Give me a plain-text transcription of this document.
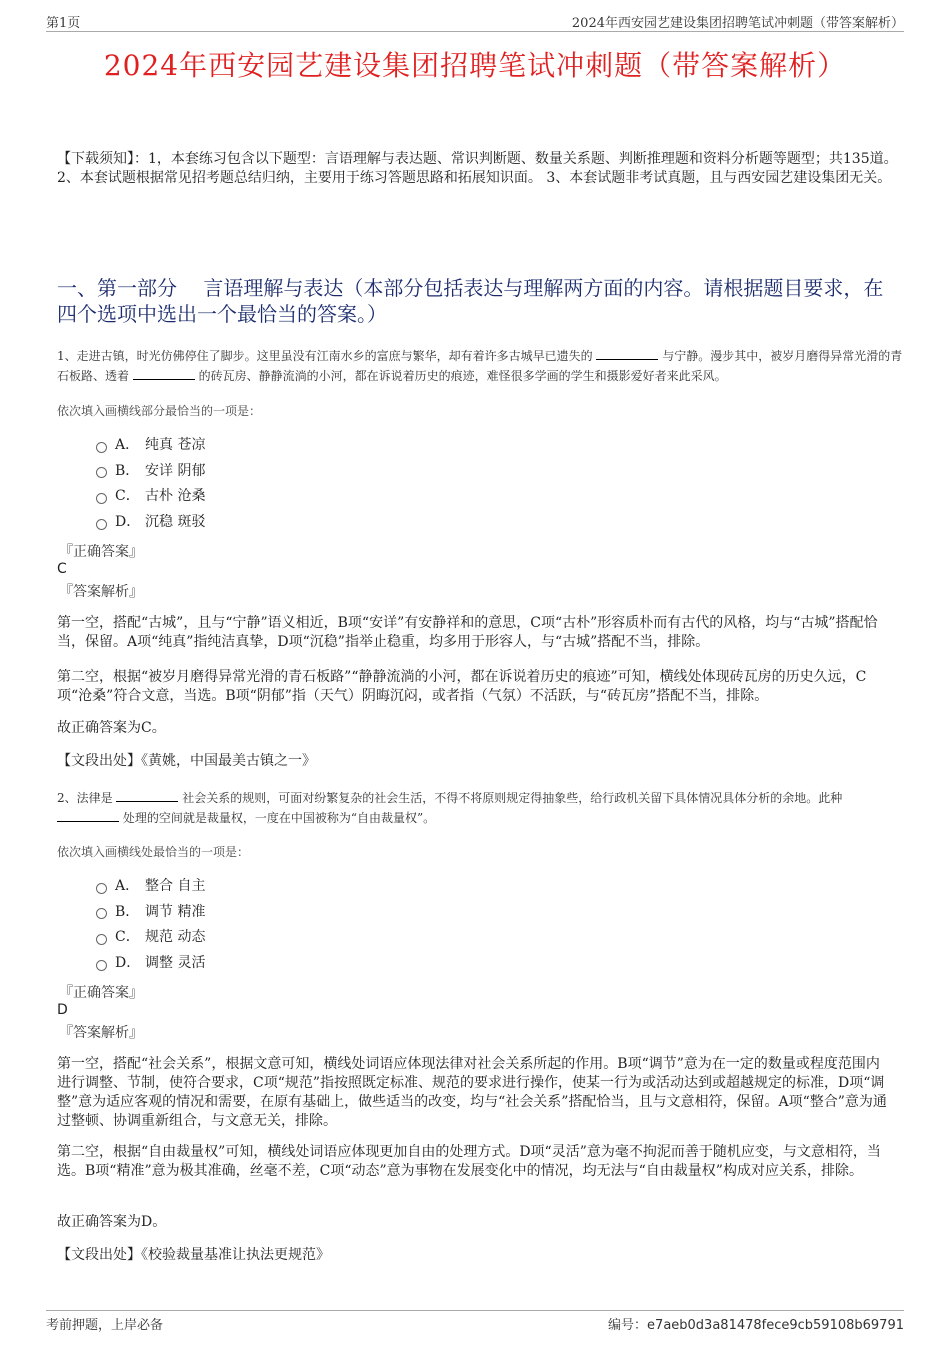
第1页	2024年西安园艺建设集团招聘笔试冲刺题（带答案解析）
2024年西安园艺建设集团招聘笔试冲刺题（带答案解析）
【下载须知】：1，本套练习包含以下题型：言语理解与表达题、常识判断题、数量关系题、判断推理题和资料分析题等题型；共135道。 2、本套试题根据常见招考题总结归纳，主要用于练习答题思路和拓展知识面。 3、本套试题非考试真题，且与西安园艺建设集团无关。
一、第一部分　 言语理解与表达（本部分包括表达与理解两方面的内容。请根据题目要求，在四个选项中选出一个最恰当的答案。）
1、走进古镇，时光仿佛停住了脚步。这里虽没有江南水乡的富庶与繁华，却有着许多古城早已遗失的	与宁静。漫步其中，被岁月磨得异常光滑的青石板路、透着	的砖瓦房、静静流淌的小河，都在诉说着历史的痕迹，难怪很多学画的学生和摄影爱好者来此采风。
依次填入画横线部分最恰当的一项是：
A． 纯真 苍凉
B． 安详 阴郁
C． 古朴 沧桑
D． 沉稳 斑驳
『正确答案』
C
『答案解析』
第一空，搭配“古城”，且与“宁静”语义相近，B项“安详”有安静祥和的意思，C项“古朴”形容质朴而有古代的风格，均与“古城”搭配恰当，保留。A项“纯真”指纯洁真挚，D项“沉稳”指举止稳重，均多用于形容人，与“古城”搭配不当，排除。
第二空，根据“被岁月磨得异常光滑的青石板路”“静静流淌的小河，都在诉说着历史的痕迹”可知，横线处体现砖瓦房的历史久远，C项“沧桑”符合文意，当选。B项“阴郁”指（天气）阴晦沉闷，或者指（气氛）不活跃，与“砖瓦房”搭配不当，排除。
故正确答案为C。
【文段出处】《黄姚，中国最美古镇之一》
2、法律是	社会关系的规则，可面对纷繁复杂的社会生活，不得不将原则规定得抽象些，给行政机关留下具体情况具体分析的余地。此种  处理的空间就是裁量权，一度在中国被称为“自由裁量权”。
依次填入画横线处最恰当的一项是：
A． 整合 自主
B． 调节 精准
C． 规范 动态
D． 调整 灵活
『正确答案』
D
『答案解析』
第一空，搭配“社会关系”，根据文意可知，横线处词语应体现法律对社会关系所起的作用。B项“调节”意为在一定的数量或程度范围内进行调整、节制，使符合要求，C项“规范”指按照既定标准、规范的要求进行操作，使某一行为或活动达到或超越规定的标准，D项“调整”意为适应客观的情况和需要，在原有基础上，做些适当的改变，均与“社会关系”搭配恰当，且与文意相符，保留。A项“整合”意为通过整顿、协调重新组合，与文意无关，排除。
第二空，根据“自由裁量权”可知，横线处词语应体现更加自由的处理方式。D项“灵活”意为毫不拘泥而善于随机应变，与文意相符，当选。B项“精准”意为极其准确，丝毫不差，C项“动态”意为事物在发展变化中的情况，均无法与“自由裁量权”构成对应关系，排除。
故正确答案为D。
【文段出处】《校验裁量基准让执法更规范》
考前押题，上岸必备	编号：e7aeb0d3a81478fece9cb59108b69791
